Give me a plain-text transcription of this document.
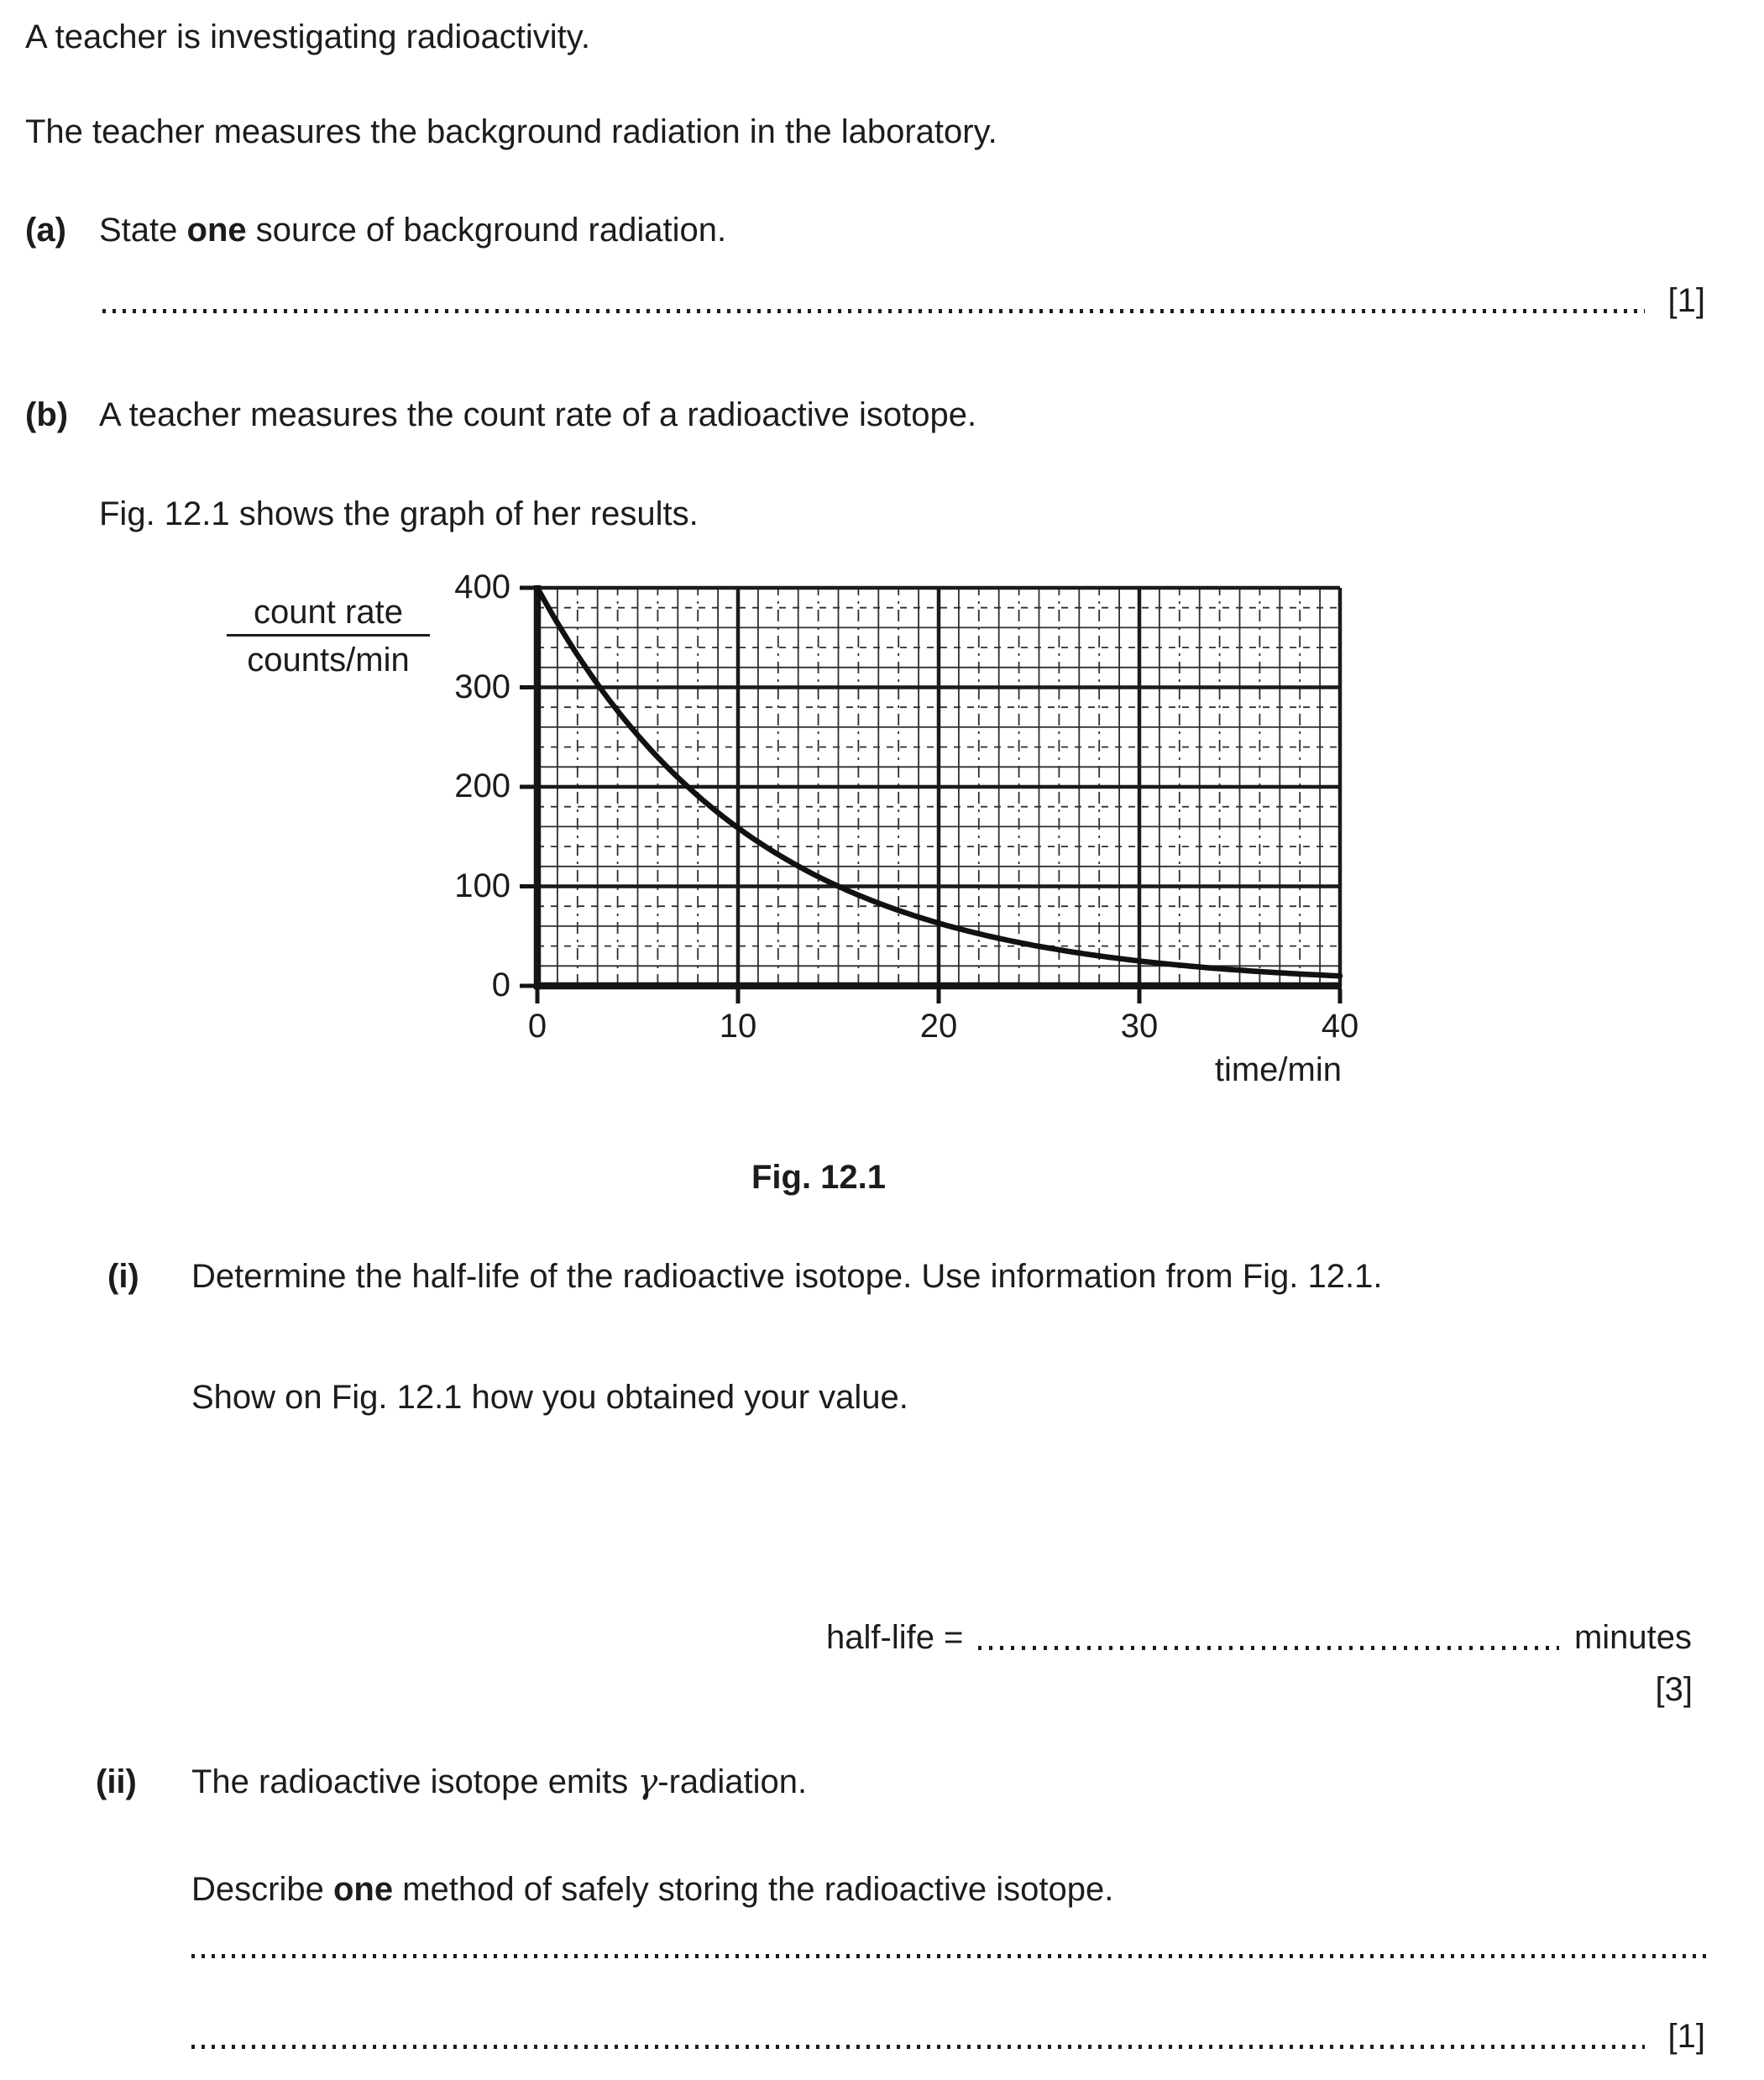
A teacher is investigating radioactivity.
The teacher measures the background radiation in the laboratory.
(a) State one source of background radiation.
[1]
(b) A teacher measures the count rate of a radioactive isotope.
Fig. 12.1 shows the graph of her results.
count rate
counts/min
time/min
Fig. 12.1
(i) Determine the half-life of the radioactive isotope. Use information from Fig. 12.1.
Show on Fig. 12.1 how you obtained your value.
half-life =	minutes
[3]
(ii) The radioactive isotope emits γ-radiation.
Describe one method of safely storing the radioactive isotope.
[1]
400
300
200
100
0
0	10	20	30	40
